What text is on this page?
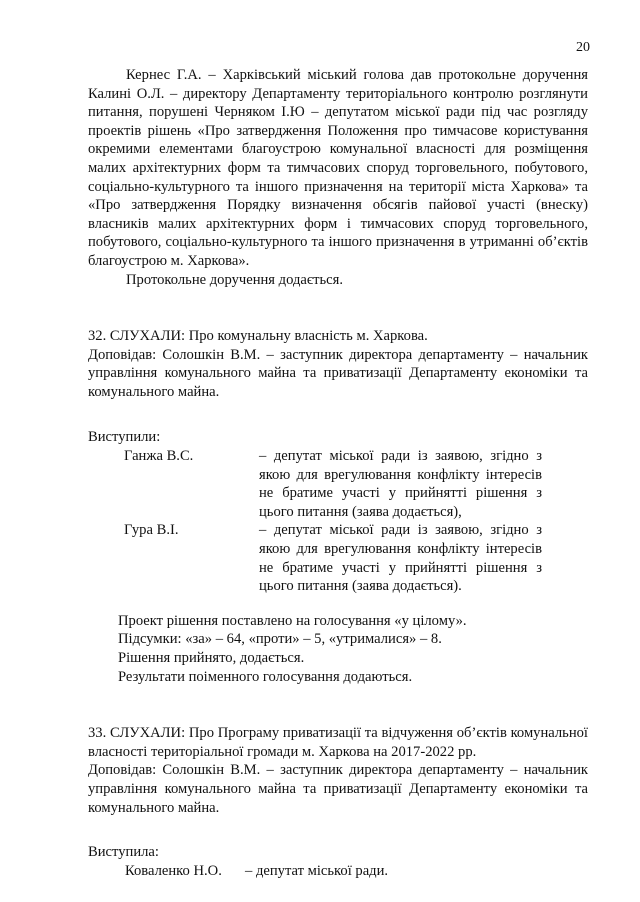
20

Кернес Г.А. – Харківський міський голова дав протокольне доручення Калині О.Л. – директору Департаменту територіального контролю розглянути питання, порушені Черняком І.Ю – депутатом міської ради під час розгляду проектів рішень «Про затвердження Положення про тимчасове користування окремими елементами благоустрою комунальної власності для розміщення малих архітектурних форм та тимчасових споруд торговельного, побутового, соціально-культурного та іншого призначення на території міста Харкова» та «Про затвердження Порядку визначення обсягів пайової участі (внеску) власників малих архітектурних форм і тимчасових споруд торговельного, побутового, соціально-культурного та іншого призначення в утриманні об’єктів благоустрою м. Харкова».

Протокольне доручення додається.

32. СЛУХАЛИ: Про комунальну власність м. Харкова.

Доповідав: Солошкін В.М. – заступник директора департаменту – начальник управління комунального майна та приватизації Департаменту економіки та комунального майна.

Виступили:

Ганжа В.С.	– депутат міської ради із заявою, згідно з якою для врегулювання конфлікту інтересів не братиме участі у прийнятті рішення з цього питання (заява додається),
Гура В.І.	– депутат міської ради із заявою, згідно з якою для врегулювання конфлікту інтересів не братиме участі у прийнятті рішення з цього питання (заява додається).

Проект рішення поставлено на голосування «у цілому».

Підсумки: «за» – 64, «проти» – 5, «утрималися» – 8.

Рішення прийнято, додається.

Результати поіменного голосування додаються.

33. СЛУХАЛИ: Про Програму приватизації та відчуження об’єктів комунальної власності територіальної громади м. Харкова на 2017-2022 рр.

Доповідав: Солошкін В.М. – заступник директора департаменту – начальник управління комунального майна та приватизації Департаменту економіки та комунального майна.

Виступила:

Коваленко Н.О.	– депутат міської ради.
